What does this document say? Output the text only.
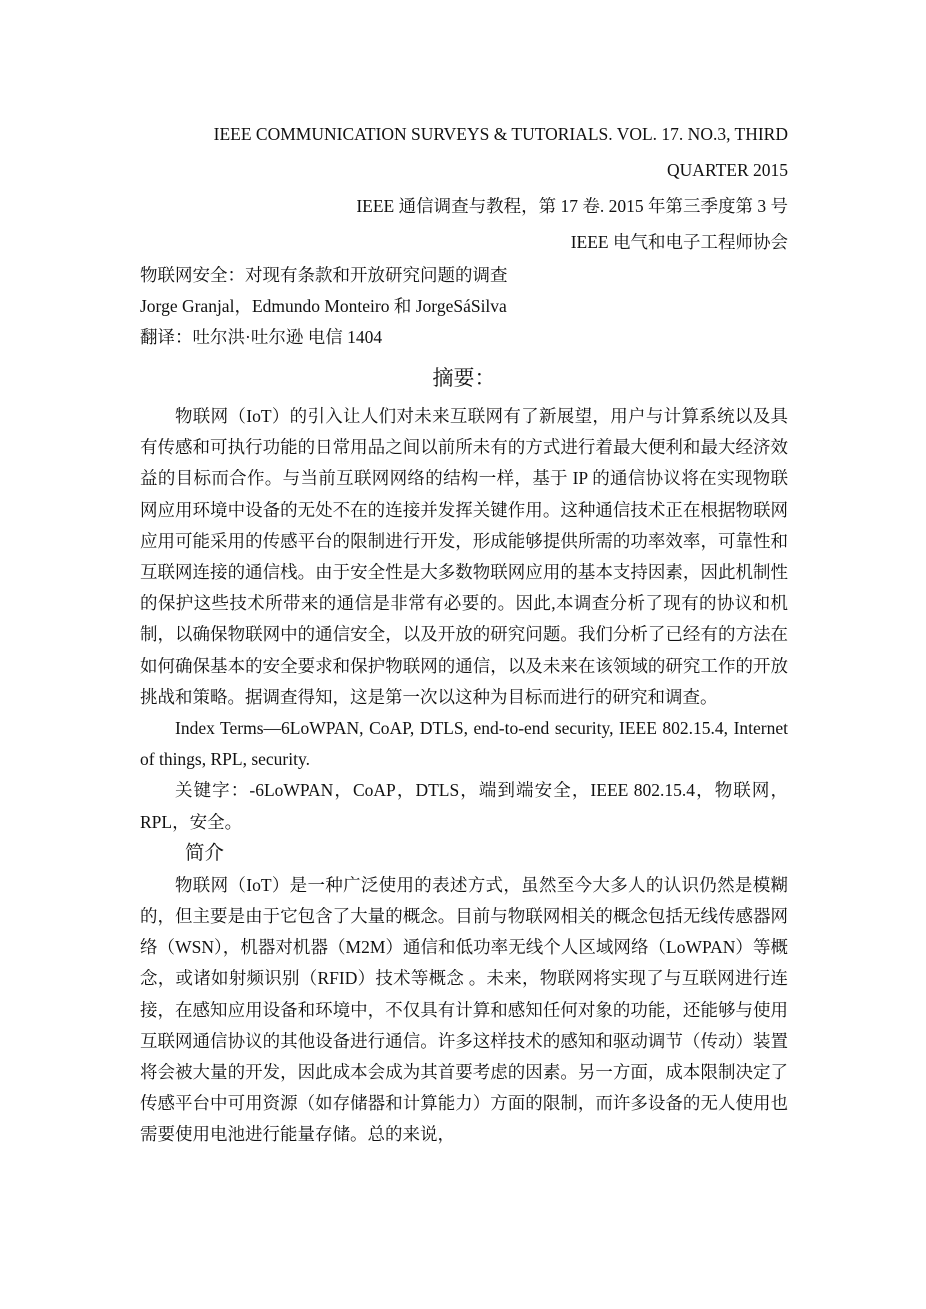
IEEE COMMUNICATION SURVEYS & TUTORIALS. VOL. 17. NO.3, THIRD
QUARTER 2015
IEEE 通信调查与教程，第 17 卷. 2015 年第三季度第 3 号
IEEE 电气和电子工程师协会
物联网安全：对现有条款和开放研究问题的调查
Jorge Granjal，Edmundo Monteiro 和 JorgeSáSilva
翻译：吐尔洪·吐尔逊 电信 1404
摘要：

物联网（IoT）的引入让人们对未来互联网有了新展望，用户与计算系统以及具有传感和可执行功能的日常用品之间以前所未有的方式进行着最大便利和最大经济效益的目标而合作。与当前互联网网络的结构一样，基于 IP 的通信协议将在实现物联网应用环境中设备的无处不在的连接并发挥关键作用。这种通信技术正在根据物联网应用可能采用的传感平台的限制进行开发，形成能够提供所需的功率效率，可靠性和互联网连接的通信栈。由于安全性是大多数物联网应用的基本支持因素，因此机制性的保护这些技术所带来的通信是非常有必要的。因此,本调查分析了现有的协议和机制，以确保物联网中的通信安全，以及开放的研究问题。我们分析了已经有的方法在如何确保基本的安全要求和保护物联网的通信，以及未来在该领域的研究工作的开放挑战和策略。据调查得知，这是第一次以这种为目标而进行的研究和调查。

Index Terms—6LoWPAN, CoAP, DTLS, end-to-end security, IEEE 802.15.4, Internet of things, RPL, security.

关键字：-6LoWPAN，CoAP，DTLS，端到端安全，IEEE 802.15.4，物联网，RPL，安全。

简介

物联网（IoT）是一种广泛使用的表述方式，虽然至今大多人的认识仍然是模糊的，但主要是由于它包含了大量的概念。目前与物联网相关的概念包括无线传感器网络（WSN），机器对机器（M2M）通信和低功率无线个人区域网络（LoWPAN）等概念，或诸如射频识别（RFID）技术等概念 。未来，物联网将实现了与互联网进行连接，在感知应用设备和环境中，不仅具有计算和感知任何对象的功能，还能够与使用互联网通信协议的其他设备进行通信。许多这样技术的感知和驱动调节（传动）装置将会被大量的开发，因此成本会成为其首要考虑的因素。另一方面，成本限制决定了传感平台中可用资源（如存储器和计算能力）方面的限制，而许多设备的无人使用也需要使用电池进行能量存储。总的来说，
